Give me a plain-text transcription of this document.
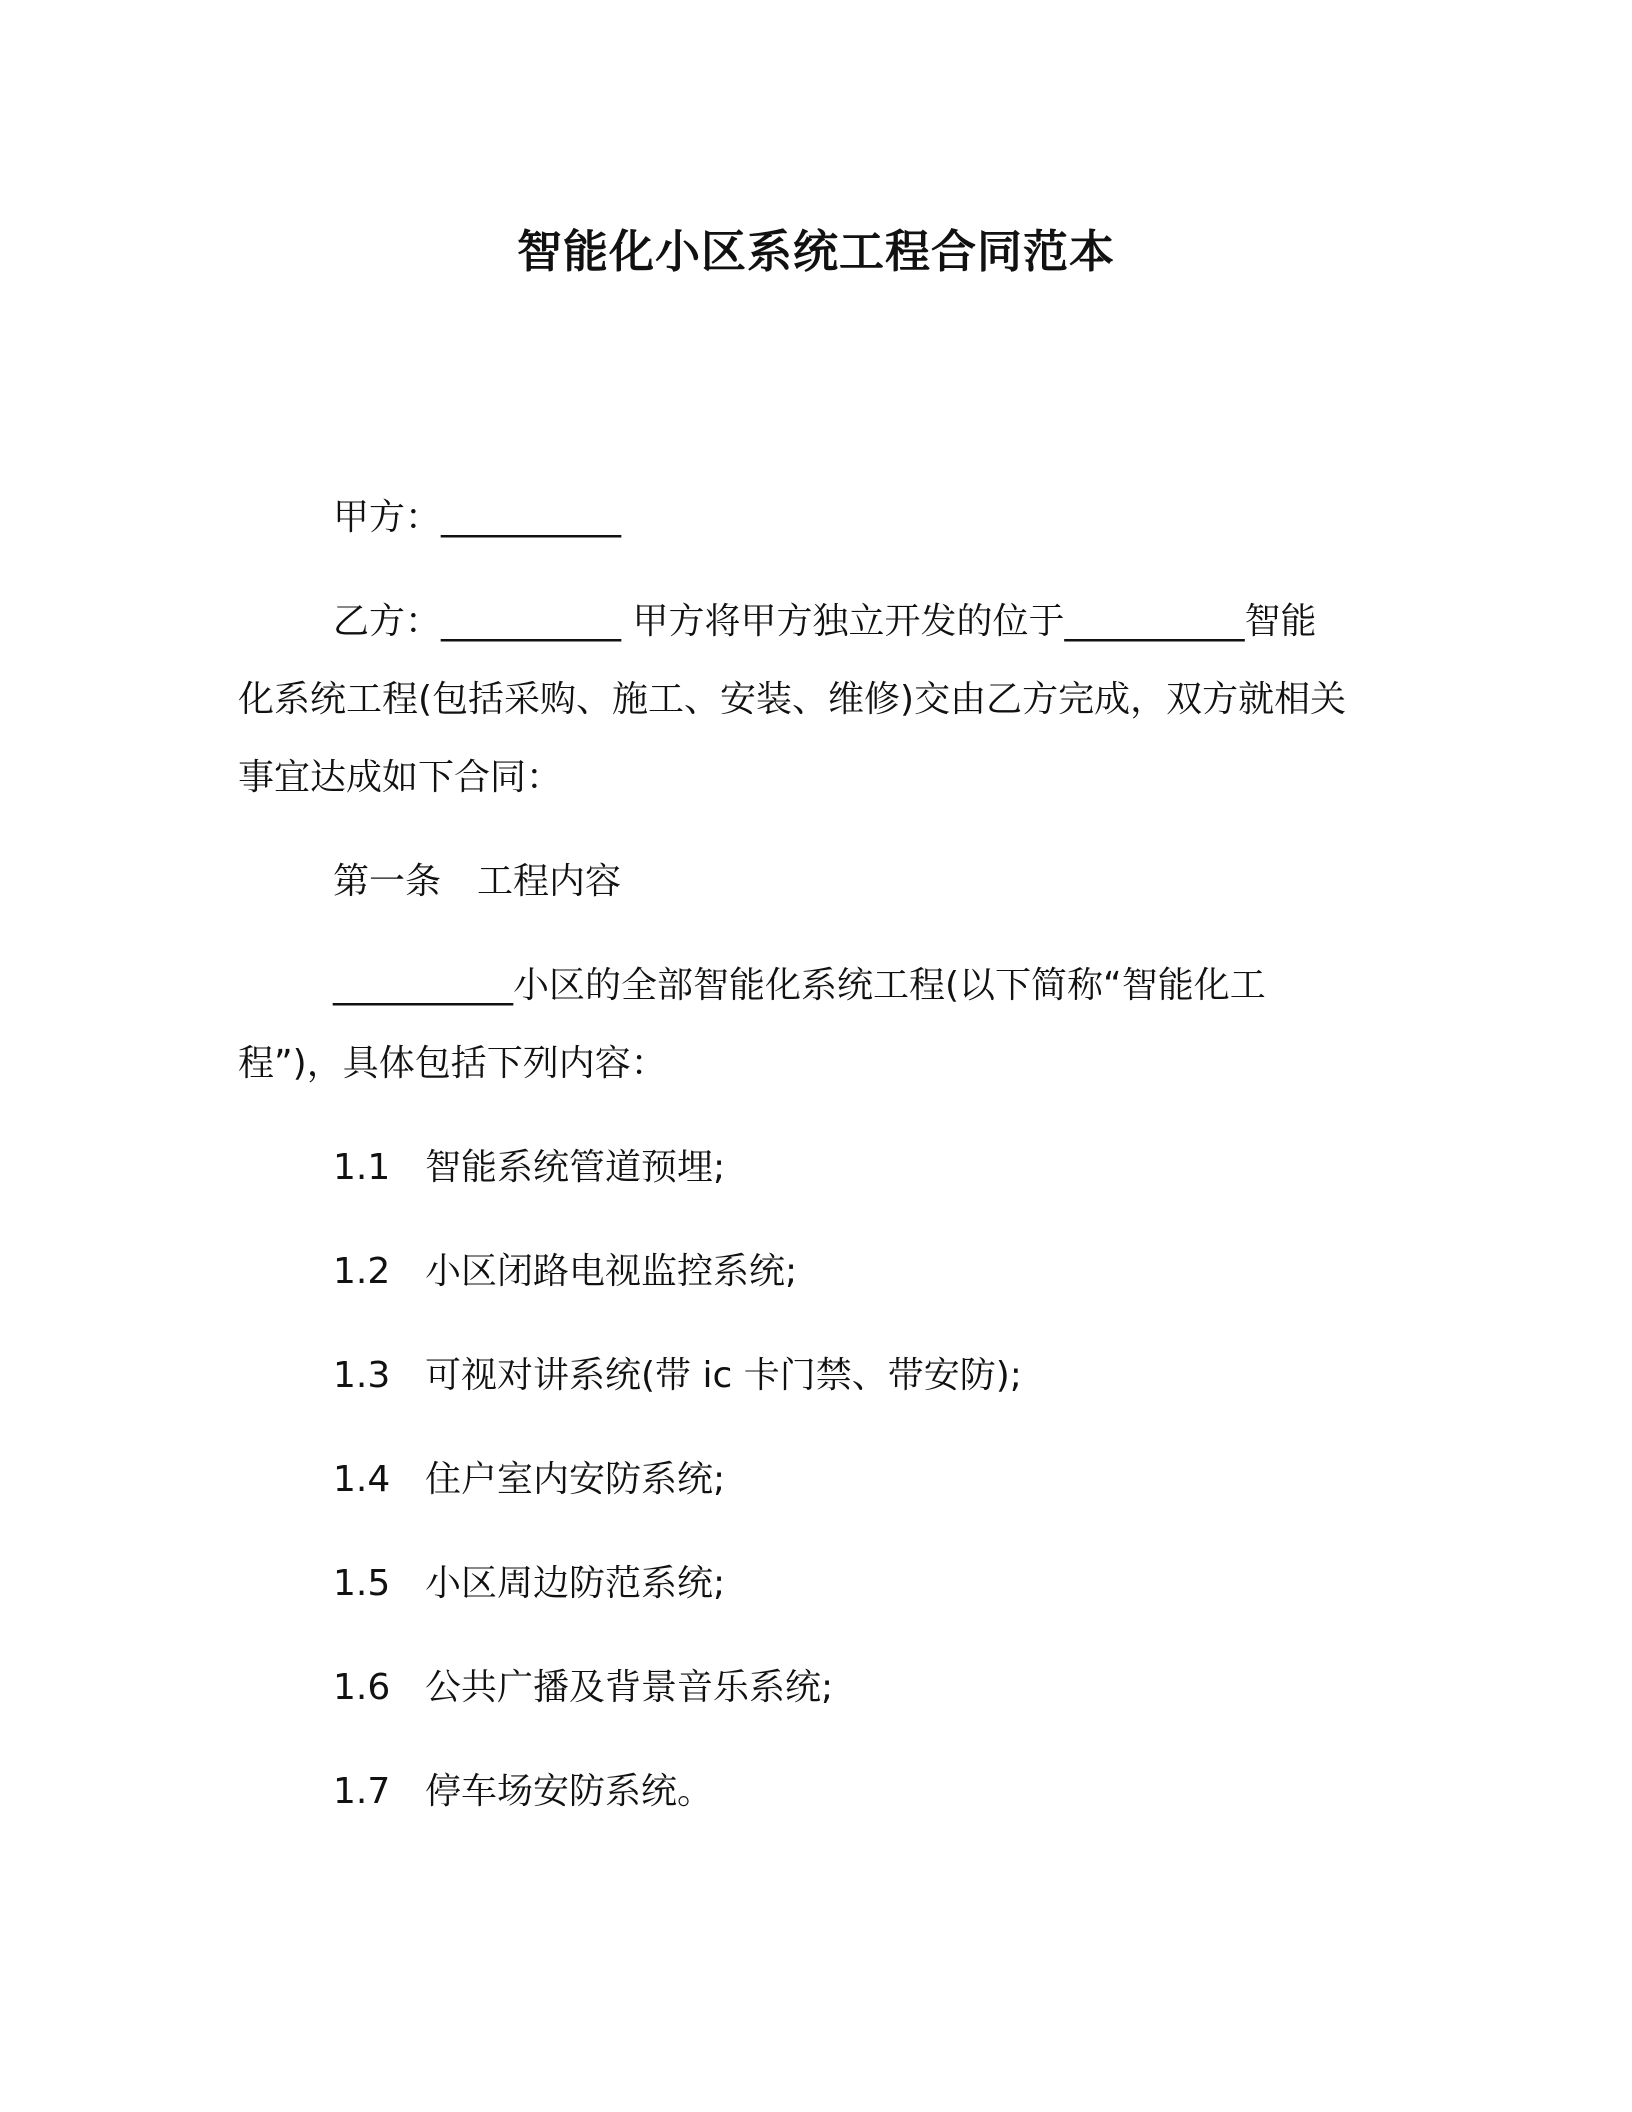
智能化小区系统工程合同范本
甲方：__________
乙方：__________ 甲方将甲方独立开发的位于__________智能
化系统工程(包括采购、施工、安装、维修)交由乙方完成，双方就相关
事宜达成如下合同：
第一条　工程内容
__________小区的全部智能化系统工程(以下简称“智能化工
程”)，具体包括下列内容：
1.1 智能系统管道预埋;
1.2 小区闭路电视监控系统;
1.3 可视对讲系统(带 ic 卡门禁、带安防);
1.4 住户室内安防系统;
1.5 小区周边防范系统;
1.6 公共广播及背景音乐系统;
1.7 停车场安防系统。
